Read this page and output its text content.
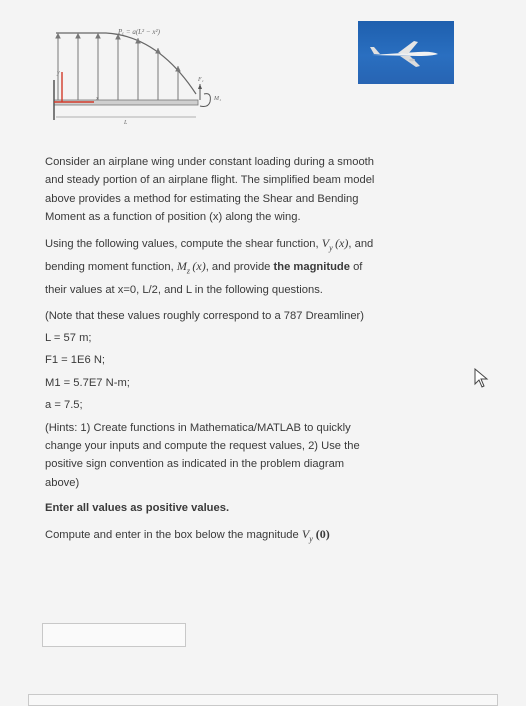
Pₑ = a(L² − x²)
y
x
F₁
M₁
L

Consider an airplane wing under constant loading during a smooth and steady portion of an airplane flight. The simplified beam model above provides a method for estimating the Shear and Bending Moment as a function of position (x) along the wing.

Using the following values, compute the shear function, $V_y$  (x), and bending moment function, $M_z$  (x), and provide the magnitude of their values at x=0, L/2, and L in the following questions.

(Note that these values roughly correspond to a 787 Dreamliner)

L = 57 m;

F1 = 1E6 N;

M1 = 5.7E7 N-m;

a = 7.5;

(Hints: 1) Create functions in Mathematica/MATLAB to quickly change your inputs and compute the request values, 2) Use the positive sign convention as indicated in the problem diagram above)

Enter all values as positive values.

Compute and enter in the box below the magnitude $V_y$ (0)
